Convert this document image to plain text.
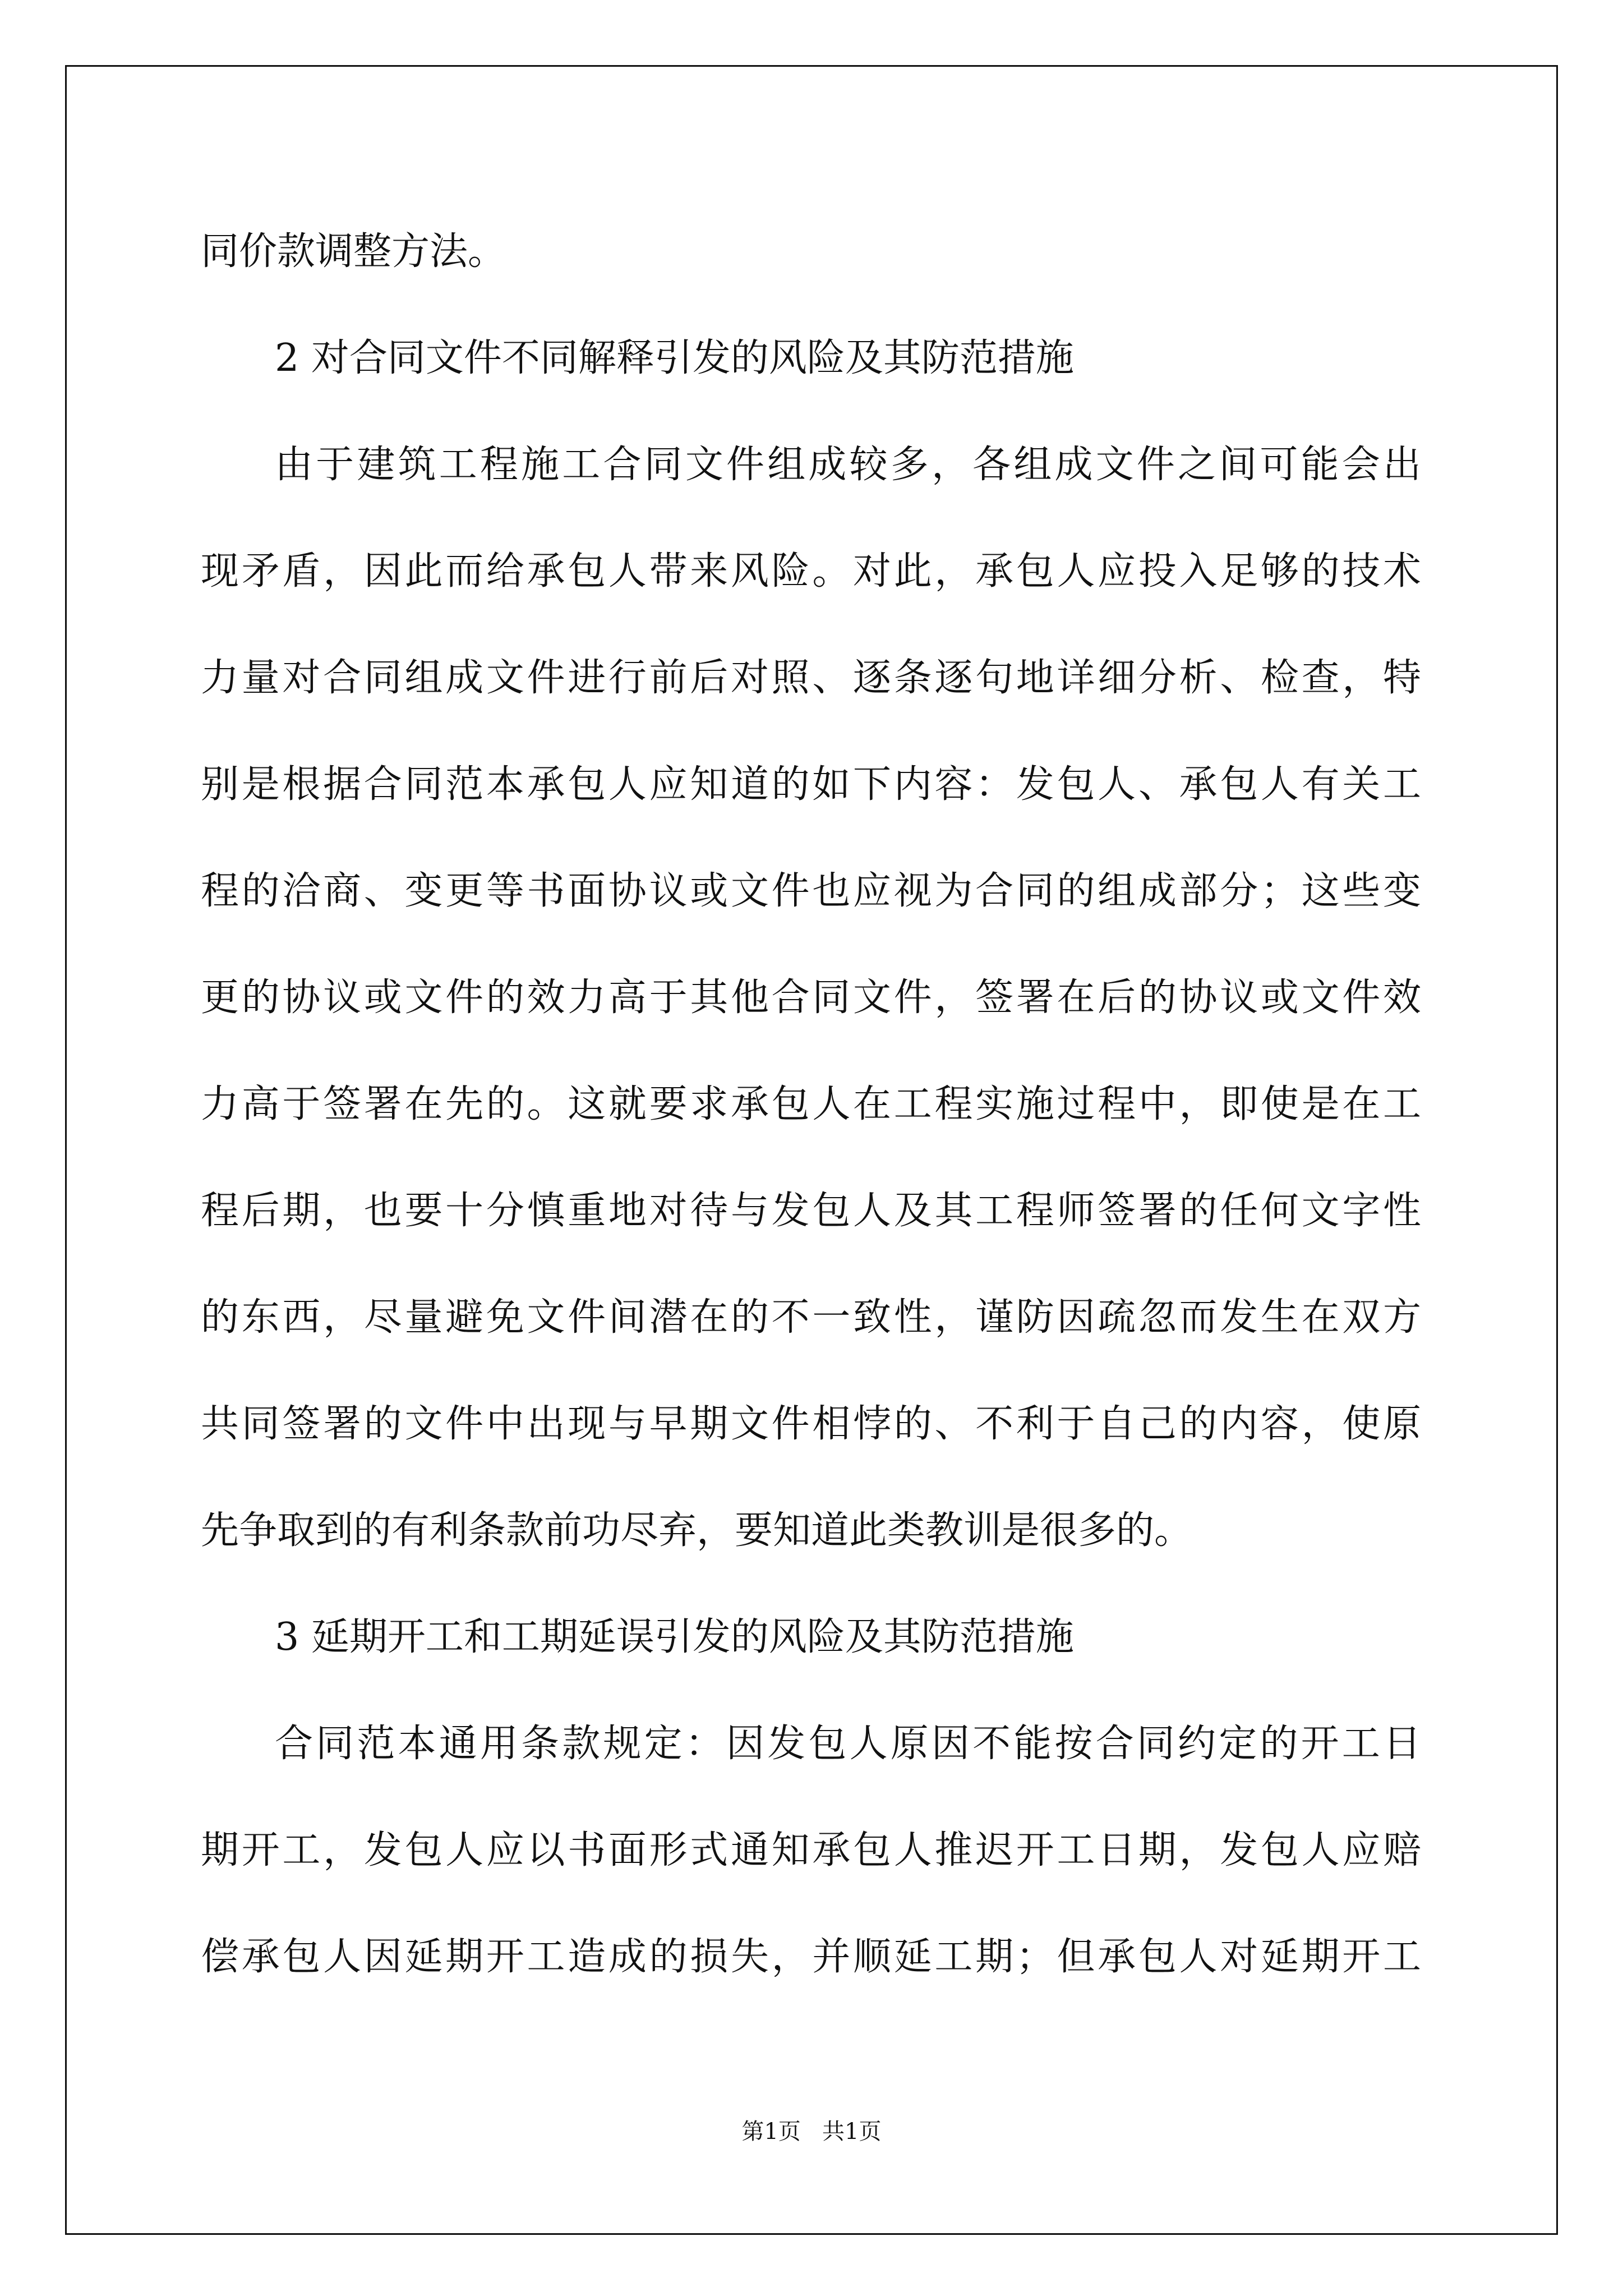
同价款调整方法。

2 对合同文件不同解释引发的风险及其防范措施

由于建筑工程施工合同文件组成较多，各组成文件之间可能会出

现矛盾，因此而给承包人带来风险。对此，承包人应投入足够的技术

力量对合同组成文件进行前后对照、逐条逐句地详细分析、检查，特

别是根据合同范本承包人应知道的如下内容：发包人、承包人有关工

程的洽商、变更等书面协议或文件也应视为合同的组成部分；这些变

更的协议或文件的效力高于其他合同文件，签署在后的协议或文件效

力高于签署在先的。这就要求承包人在工程实施过程中，即使是在工

程后期，也要十分慎重地对待与发包人及其工程师签署的任何文字性

的东西，尽量避免文件间潜在的不一致性，谨防因疏忽而发生在双方

共同签署的文件中出现与早期文件相悖的、不利于自己的内容，使原

先争取到的有利条款前功尽弃，要知道此类教训是很多的。

3 延期开工和工期延误引发的风险及其防范措施

合同范本通用条款规定：因发包人原因不能按合同约定的开工日

期开工，发包人应以书面形式通知承包人推迟开工日期，发包人应赔

偿承包人因延期开工造成的损失，并顺延工期；但承包人对延期开工

第1页   共1页
